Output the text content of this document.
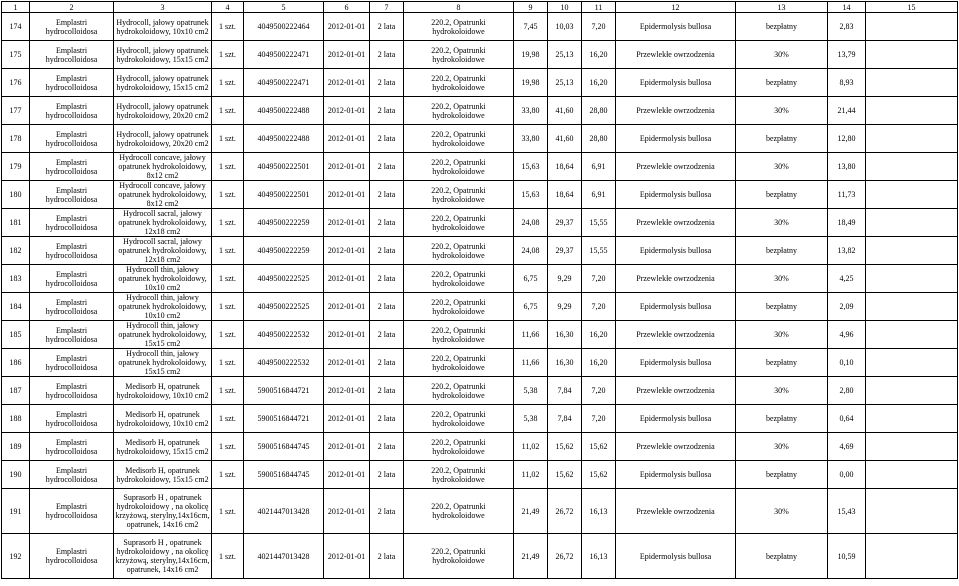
1	2	3	4	5	6	7	8	9	10	11	12	13	14	15
174	Emplastri hydrocolloidosa	Hydrocoll, jałowy opatrunek hydrokoloidowy, 10x10 cm2	1 szt.	4049500222464	2012-01-01	2 lata	220.2, Opatrunki hydrokoloidowe	7,45	10,03	7,20	Epidermolysis bullosa	bezpłatny	2,83	
175	Emplastri hydrocolloidosa	Hydrocoll, jałowy opatrunek hydrokoloidowy, 15x15 cm2	1 szt.	4049500222471	2012-01-01	2 lata	220.2, Opatrunki hydrokoloidowe	19,98	25,13	16,20	Przewlekłe owrzodzenia	30%	13,79	
176	Emplastri hydrocolloidosa	Hydrocoll, jałowy opatrunek hydrokoloidowy, 15x15 cm2	1 szt.	4049500222471	2012-01-01	2 lata	220.2, Opatrunki hydrokoloidowe	19,98	25,13	16,20	Epidermolysis bullosa	bezpłatny	8,93	
177	Emplastri hydrocolloidosa	Hydrocoll, jałowy opatrunek hydrokoloidowy, 20x20 cm2	1 szt.	4049500222488	2012-01-01	2 lata	220.2, Opatrunki hydrokoloidowe	33,80	41,60	28,80	Przewlekłe owrzodzenia	30%	21,44	
178	Emplastri hydrocolloidosa	Hydrocoll, jałowy opatrunek hydrokoloidowy, 20x20 cm2	1 szt.	4049500222488	2012-01-01	2 lata	220.2, Opatrunki hydrokoloidowe	33,80	41,60	28,80	Epidermolysis bullosa	bezpłatny	12,80	
179	Emplastri hydrocolloidosa	Hydrocoll concave, jałowy opatrunek hydrokoloidowy, 8x12 cm2	1 szt.	4049500222501	2012-01-01	2 lata	220.2, Opatrunki hydrokoloidowe	15,63	18,64	6,91	Przewlekłe owrzodzenia	30%	13,80	
180	Emplastri hydrocolloidosa	Hydrocoll concave, jałowy opatrunek hydrokoloidowy, 8x12 cm2	1 szt.	4049500222501	2012-01-01	2 lata	220.2, Opatrunki hydrokoloidowe	15,63	18,64	6,91	Epidermolysis bullosa	bezpłatny	11,73	
181	Emplastri hydrocolloidosa	Hydrocoll sacral, jałowy opatrunek hydrokoloidowy, 12x18 cm2	1 szt.	4049500222259	2012-01-01	2 lata	220.2, Opatrunki hydrokoloidowe	24,08	29,37	15,55	Przewlekłe owrzodzenia	30%	18,49	
182	Emplastri hydrocolloidosa	Hydrocoll sacral, jałowy opatrunek hydrokoloidowy, 12x18 cm2	1 szt.	4049500222259	2012-01-01	2 lata	220.2, Opatrunki hydrokoloidowe	24,08	29,37	15,55	Epidermolysis bullosa	bezpłatny	13,82	
183	Emplastri hydrocolloidosa	Hydrocoll thin, jałowy opatrunek hydrokoloidowy, 10x10 cm2	1 szt.	4049500222525	2012-01-01	2 lata	220.2, Opatrunki hydrokoloidowe	6,75	9,29	7,20	Przewlekłe owrzodzenia	30%	4,25	
184	Emplastri hydrocolloidosa	Hydrocoll thin, jałowy opatrunek hydrokoloidowy, 10x10 cm2	1 szt.	4049500222525	2012-01-01	2 lata	220.2, Opatrunki hydrokoloidowe	6,75	9,29	7,20	Epidermolysis bullosa	bezpłatny	2,09	
185	Emplastri hydrocolloidosa	Hydrocoll thin, jałowy opatrunek hydrokoloidowy, 15x15 cm2	1 szt.	4049500222532	2012-01-01	2 lata	220.2, Opatrunki hydrokoloidowe	11,66	16,30	16,20	Przewlekłe owrzodzenia	30%	4,96	
186	Emplastri hydrocolloidosa	Hydrocoll thin, jałowy opatrunek hydrokoloidowy, 15x15 cm2	1 szt.	4049500222532	2012-01-01	2 lata	220.2, Opatrunki hydrokoloidowe	11,66	16,30	16,20	Epidermolysis bullosa	bezpłatny	0,10	
187	Emplastri hydrocolloidosa	Medisorb H, opatrunek hydrokoloidowy, 10x10 cm2	1 szt.	5900516844721	2012-01-01	2 lata	220.2, Opatrunki hydrokoloidowe	5,38	7,84	7,20	Przewlekłe owrzodzenia	30%	2,80	
188	Emplastri hydrocolloidosa	Medisorb H, opatrunek hydrokoloidowy, 10x10 cm2	1 szt.	5900516844721	2012-01-01	2 lata	220.2, Opatrunki hydrokoloidowe	5,38	7,84	7,20	Epidermolysis bullosa	bezpłatny	0,64	
189	Emplastri hydrocolloidosa	Medisorb H, opatrunek hydrokoloidowy, 15x15 cm2	1 szt.	5900516844745	2012-01-01	2 lata	220.2, Opatrunki hydrokoloidowe	11,02	15,62	15,62	Przewlekłe owrzodzenia	30%	4,69	
190	Emplastri hydrocolloidosa	Medisorb H, opatrunek hydrokoloidowy, 15x15 cm2	1 szt.	5900516844745	2012-01-01	2 lata	220.2, Opatrunki hydrokoloidowe	11,02	15,62	15,62	Epidermolysis bullosa	bezpłatny	0,00	
191	Emplastri hydrocolloidosa	Suprasorb H , opatrunek hydrokoloidowy , na okolicę krzyżową, sterylny,14x16cm, opatrunek, 14x16 cm2	1 szt.	4021447013428	2012-01-01	2 lata	220.2, Opatrunki hydrokoloidowe	21,49	26,72	16,13	Przewlekłe owrzodzenia	30%	15,43	
192	Emplastri hydrocolloidosa	Suprasorb H , opatrunek hydrokoloidowy , na okolicę krzyżową, sterylny,14x16cm, opatrunek, 14x16 cm2	1 szt.	4021447013428	2012-01-01	2 lata	220.2, Opatrunki hydrokoloidowe	21,49	26,72	16,13	Epidermolysis bullosa	bezpłatny	10,59	
